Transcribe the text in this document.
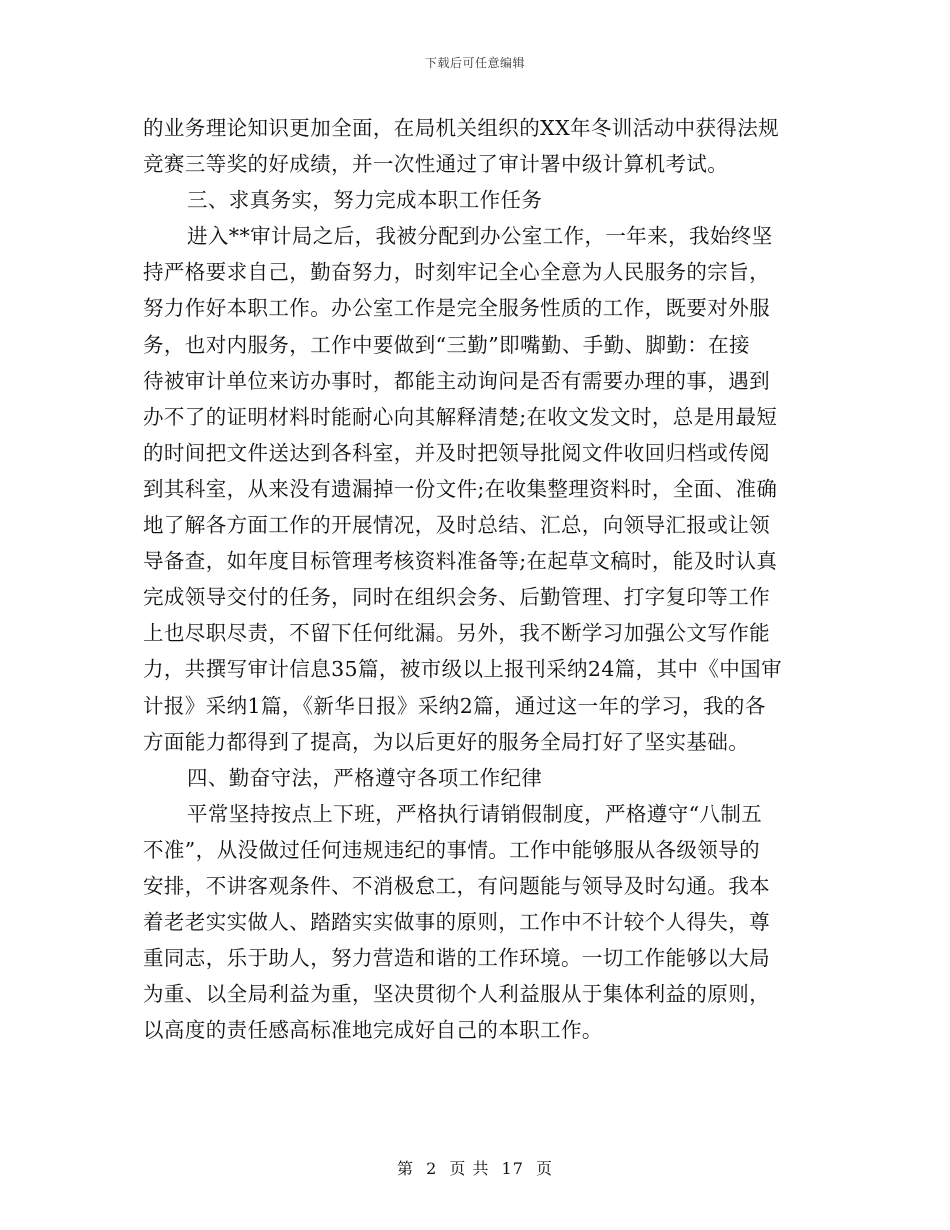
下载后可任意编辑
的业务理论知识更加全面，在局机关组织的XX年冬训活动中获得法规
竞赛三等奖的好成绩，并一次性通过了审计署中级计算机考试。
三、求真务实，努力完成本职工作任务
进入**审计局之后，我被分配到办公室工作，一年来，我始终坚
持严格要求自己，勤奋努力，时刻牢记全心全意为人民服务的宗旨，
努力作好本职工作。办公室工作是完全服务性质的工作，既要对外服
务，也对内服务，工作中要做到“三勤”即嘴勤、手勤、脚勤：在接
待被审计单位来访办事时，都能主动询问是否有需要办理的事，遇到
办不了的证明材料时能耐心向其解释清楚;在收文发文时，总是用最短
的时间把文件送达到各科室，并及时把领导批阅文件收回归档或传阅
到其科室，从来没有遗漏掉一份文件;在收集整理资料时，全面、准确
地了解各方面工作的开展情况，及时总结、汇总，向领导汇报或让领
导备查，如年度目标管理考核资料准备等;在起草文稿时，能及时认真
完成领导交付的任务，同时在组织会务、后勤管理、打字复印等工作
上也尽职尽责，不留下任何纰漏。另外，我不断学习加强公文写作能
力，共撰写审计信息35篇，被市级以上报刊采纳24篇，其中《中国审
计报》采纳1篇，《新华日报》采纳2篇，通过这一年的学习，我的各
方面能力都得到了提高，为以后更好的服务全局打好了坚实基础。
四、勤奋守法，严格遵守各项工作纪律
平常坚持按点上下班，严格执行请销假制度，严格遵守“八制五
不准”，从没做过任何违规违纪的事情。工作中能够服从各级领导的
安排，不讲客观条件、不消极怠工，有问题能与领导及时勾通。我本
着老老实实做人、踏踏实实做事的原则，工作中不计较个人得失，尊
重同志，乐于助人，努力营造和谐的工作环境。一切工作能够以大局
为重、以全局利益为重，坚决贯彻个人利益服从于集体利益的原则，
以高度的责任感高标准地完成好自己的本职工作。
第 2 页 共 17 页
